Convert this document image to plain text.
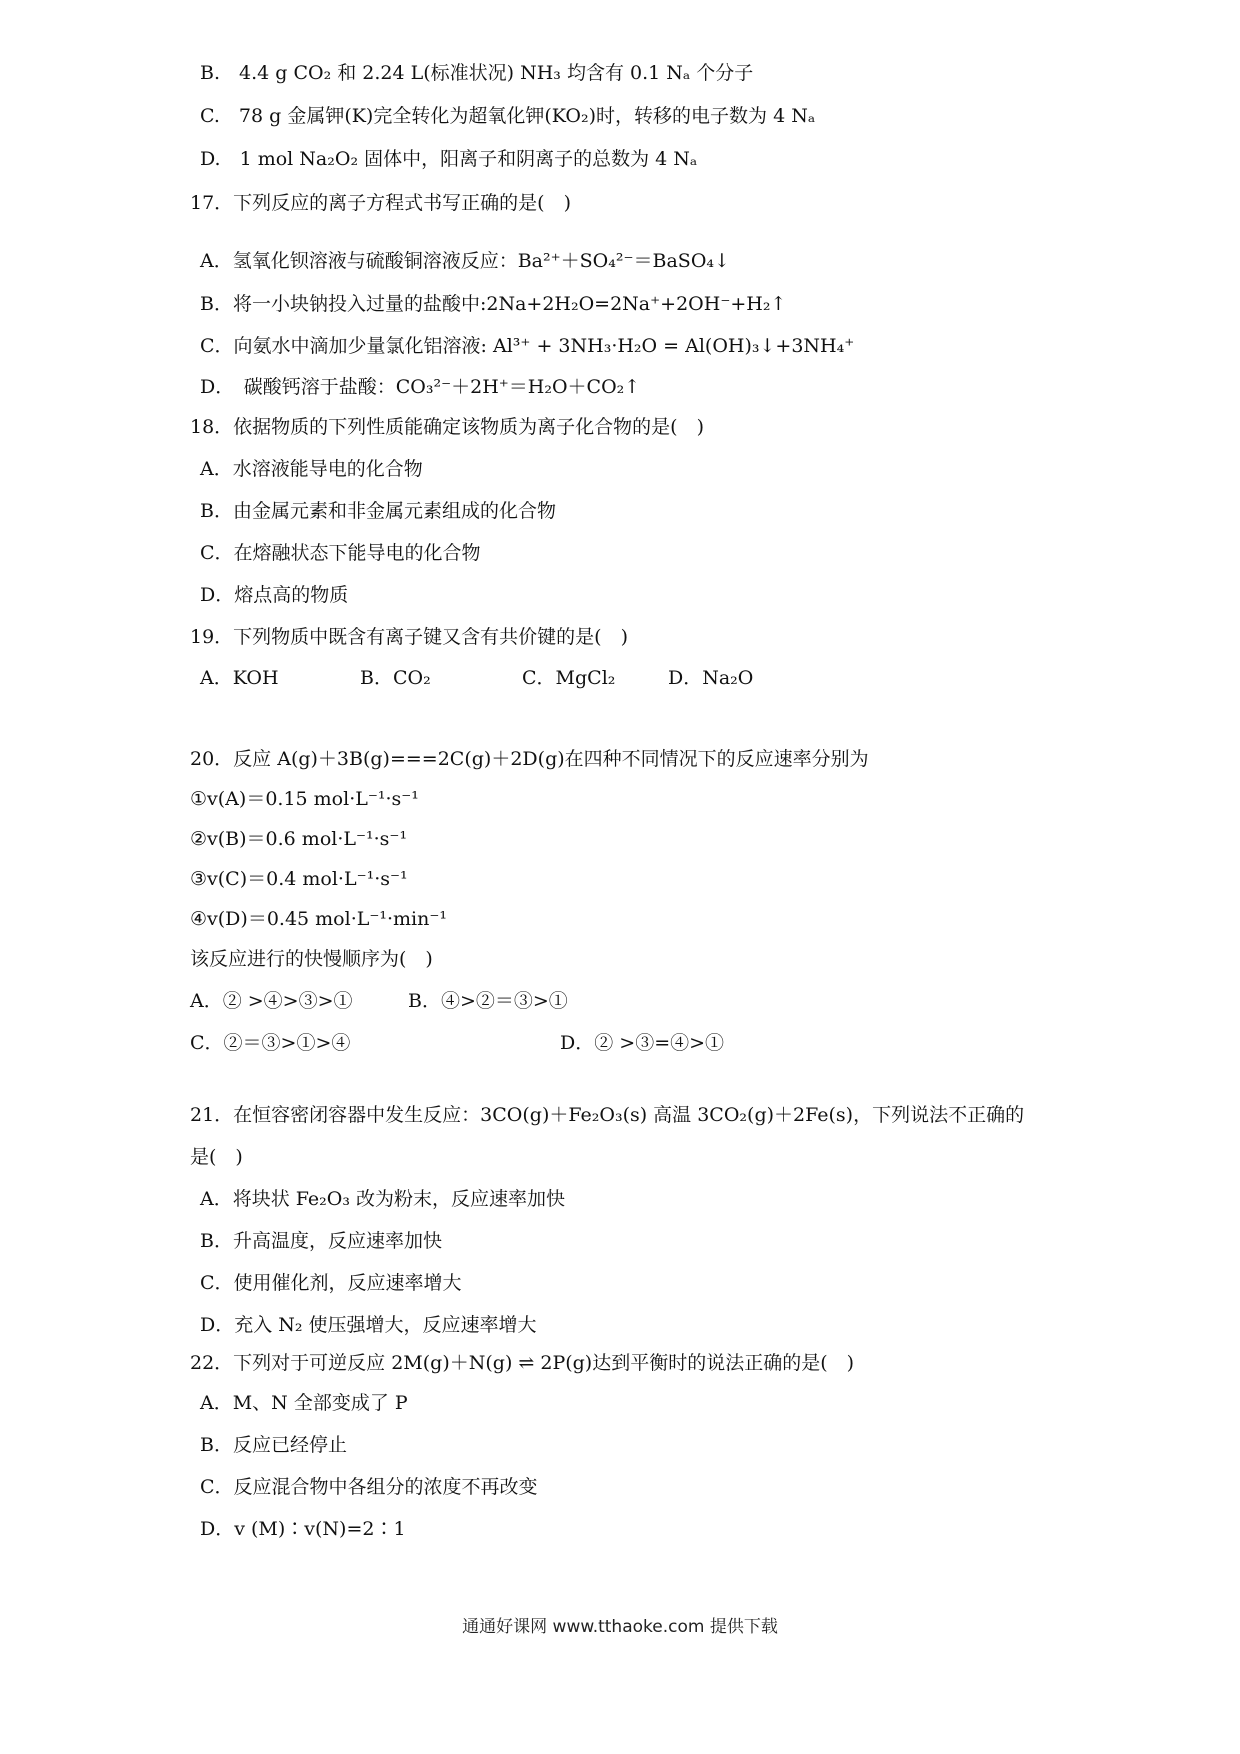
B.　4.4 g CO₂ 和 2.24 L(标准状况) NH₃ 均含有 0.1 Nₐ 个分子
C.　78 g 金属钾(K)完全转化为超氧化钾(KO₂)时，转移的电子数为 4 Nₐ
D.　1 mol Na₂O₂ 固体中，阳离子和阴离子的总数为 4 Nₐ
17．下列反应的离子方程式书写正确的是(　)
A．氢氧化钡溶液与硫酸铜溶液反应：Ba²⁺＋SO₄²⁻＝BaSO₄↓
B．将一小块钠投入过量的盐酸中:2Na+2H₂O=2Na⁺+2OH⁻+H₂↑
C．向氨水中滴加少量氯化铝溶液: Al³⁺ + 3NH₃·H₂O = Al(OH)₃↓+3NH₄⁺
D．　碳酸钙溶于盐酸：CO₃²⁻＋2H⁺＝H₂O＋CO₂↑
18．依据物质的下列性质能确定该物质为离子化合物的是(　)
A．水溶液能导电的化合物
B．由金属元素和非金属元素组成的化合物
C．在熔融状态下能导电的化合物
D．熔点高的物质
19．下列物质中既含有离子键又含有共价键的是(　)
A．KOH	B．CO₂	C．MgCl₂	D．Na₂O
20．反应 A(g)＋3B(g)===2C(g)＋2D(g)在四种不同情况下的反应速率分别为
①v(A)＝0.15 mol·L⁻¹·s⁻¹
②v(B)＝0.6 mol·L⁻¹·s⁻¹
③v(C)＝0.4 mol·L⁻¹·s⁻¹
④v(D)＝0.45 mol·L⁻¹·min⁻¹
该反应进行的快慢顺序为(　)
A．② >④>③>①	B．④>②＝③>①
C．②＝③>①>④	D．② >③=④>①
21．在恒容密闭容器中发生反应：3CO(g)＋Fe₂O₃(s) 高温 3CO₂(g)＋2Fe(s)，下列说法不正确的
是(　)
A．将块状 Fe₂O₃ 改为粉末，反应速率加快
B．升高温度，反应速率加快
C．使用催化剂，反应速率增大
D．充入 N₂ 使压强增大，反应速率增大
22．下列对于可逆反应 2M(g)＋N(g) ⇌ 2P(g)达到平衡时的说法正确的是(　)
A．M、N 全部变成了 P
B．反应已经停止
C．反应混合物中各组分的浓度不再改变
D．v (M)∶v(N)=2∶1
通通好课网 www.tthaoke.com 提供下载
